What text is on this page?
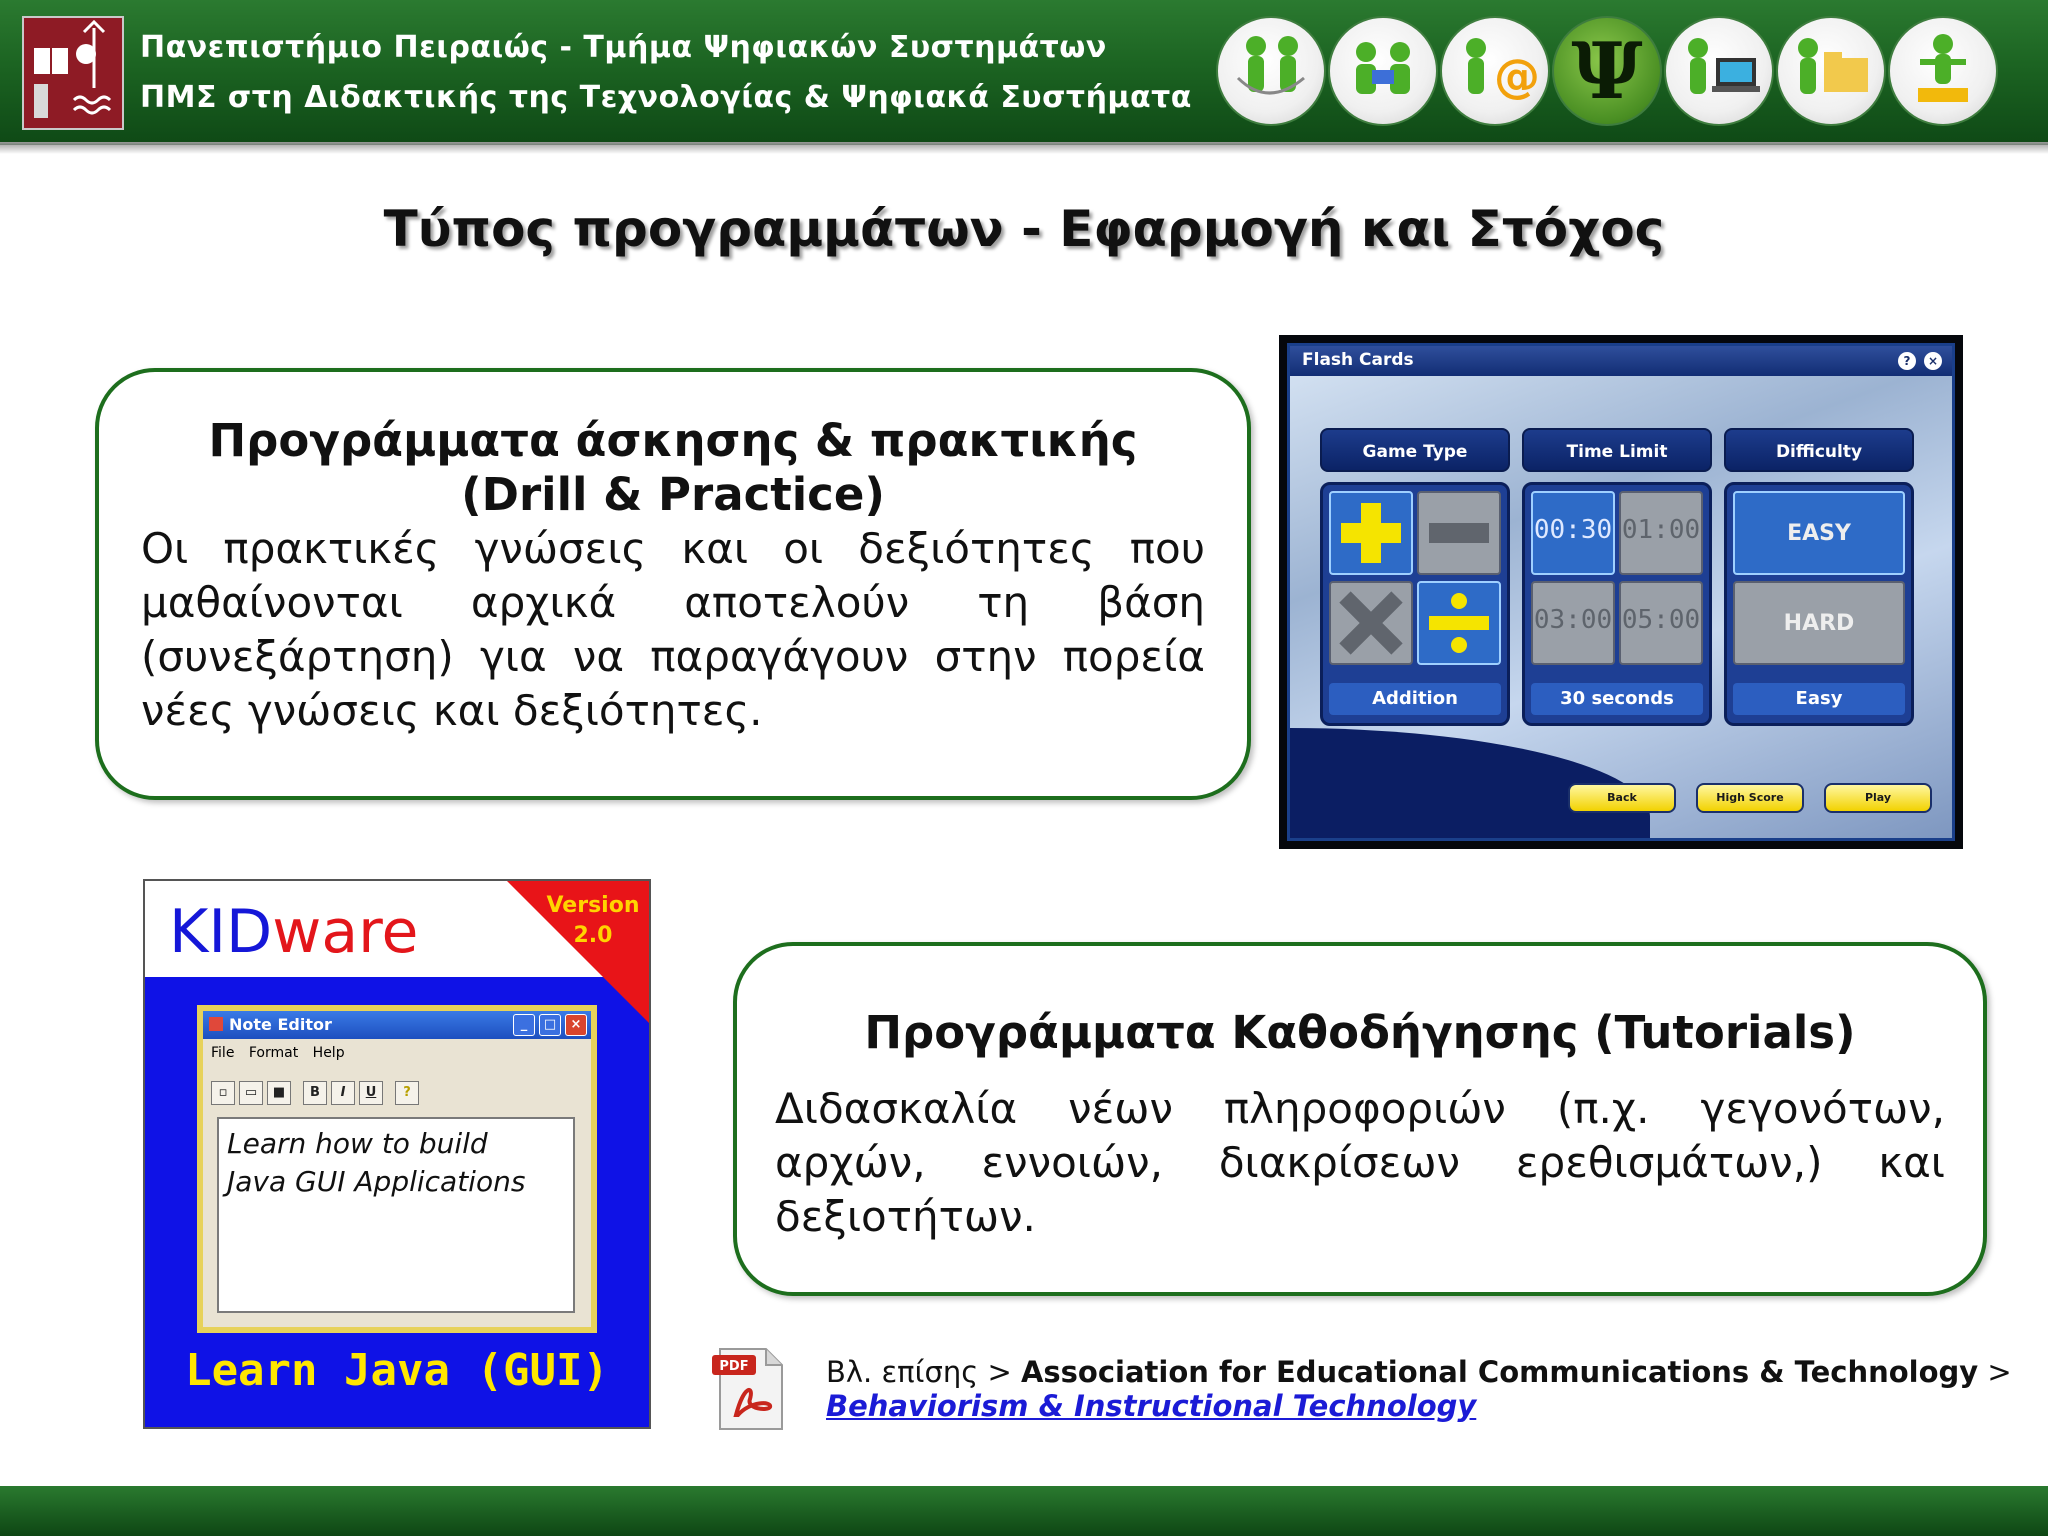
Πανεπιστήμιο Πειραιώς - Τμήμα Ψηφιακών Συστημάτων
ΠΜΣ στη Διδακτικής της Τεχνολογίας & Ψηφιακά Συστήματα	@ Ψ
Τύπος προγραμμάτων - Εφαρμογή και Στόχος
Προγράμματα άσκησης & πρακτικής
(Drill & Practice)
Οι πρακτικές γνώσεις και οι δεξιότητες που μαθαίνονται αρχικά αποτελούν τη βάση (συνεξάρτηση) για να παραγάγουν στην πορεία νέες γνώσεις και δεξιότητες.
Flash Cards	?	×
Game Type	Time Limit	Difficulty
Addition
00:30 01:00
03:00 05:00
30 seconds
EASY
HARD
Easy
Back	High Score	Play
Version
2.0
KIDware
Note Editor	_	□	×
File Format Help
▫	▭	■	B	I	U	?
Learn how to build
Java GUI Applications
Learn Java (GUI)
Προγράμματα Καθοδήγησης (Tutorials)
Διδασκαλία νέων πληροφοριών (π.χ. γεγονότων, αρχών, εννοιών, διακρίσεων ερεθισμάτων,) και δεξιοτήτων.
PDF	Βλ. επίσης > Association for Educational Communications & Technology >
Behaviorism & Instructional Technology
